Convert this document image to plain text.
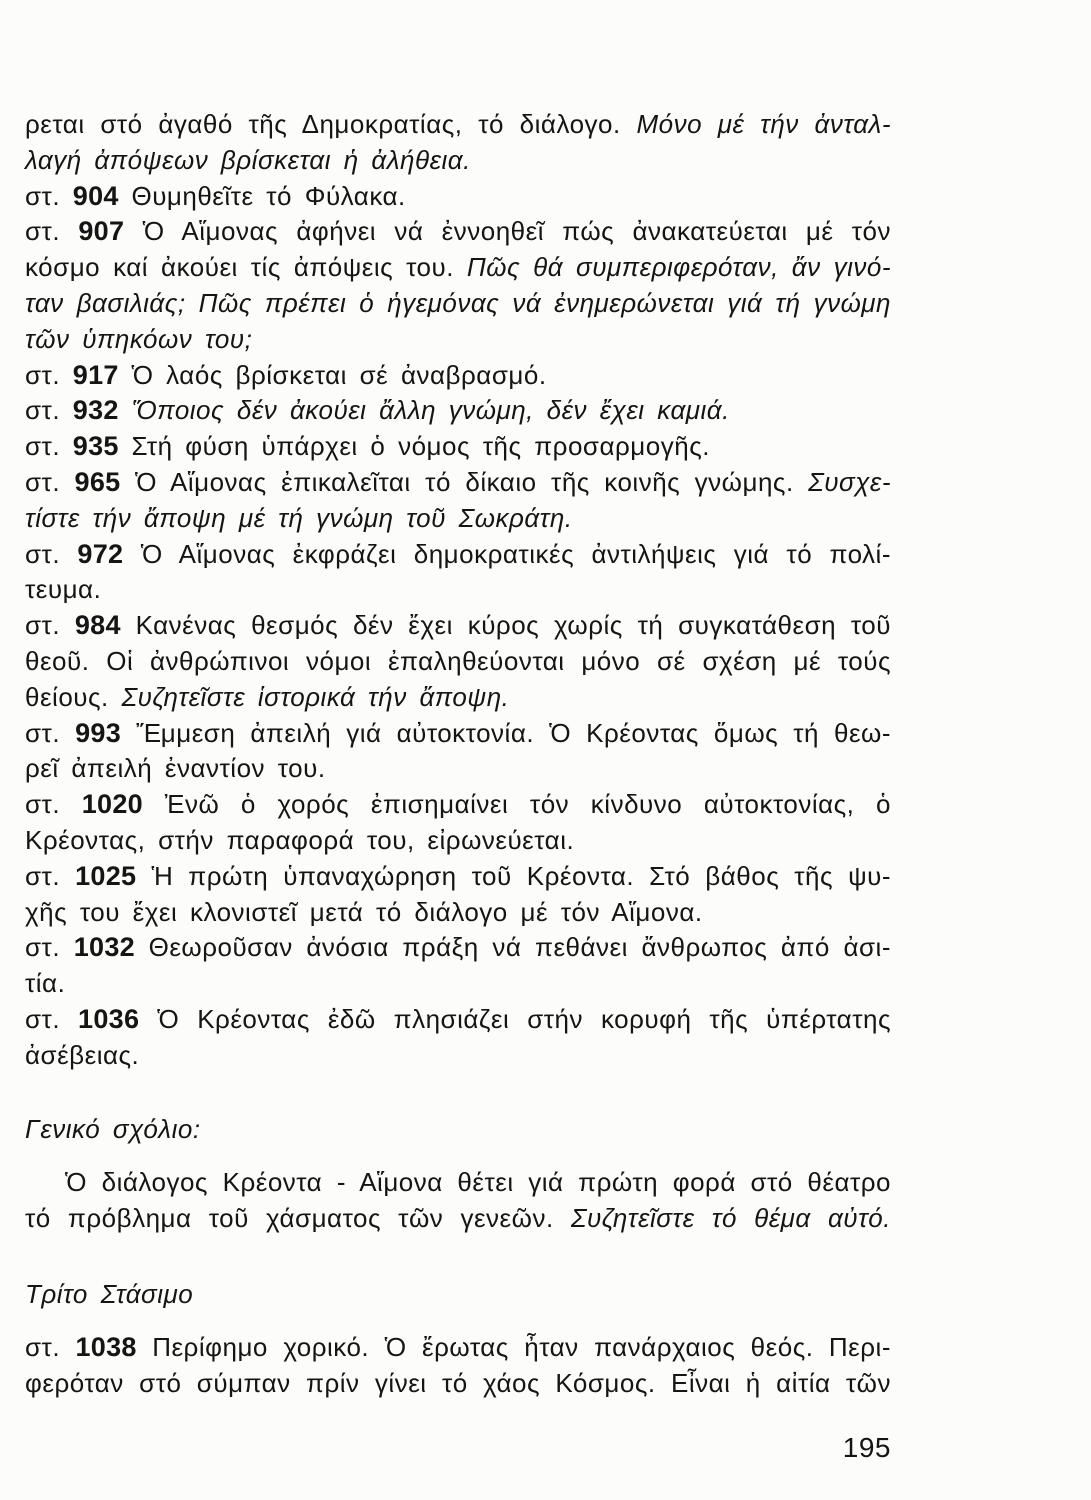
ρεται στό ἀγαθό τῆς Δημοκρατίας, τό διάλογο. Μόνο μέ τήν ἀνταλ-
λαγή ἀπόψεων βρίσκεται ἡ ἀλήθεια.
στ. 904 Θυμηθεῖτε τό Φύλακα.
στ. 907 Ὁ Αἵμονας ἀφήνει νά ἐννοηθεῖ πώς ἀνακατεύεται μέ τόν
κόσμο καί ἀκούει τίς ἀπόψεις του. Πῶς θά συμπεριφερόταν, ἄν γινό-
ταν βασιλιάς; Πῶς πρέπει ὁ ἡγεμόνας νά ἐνημερώνεται γιά τή γνώμη
τῶν ὑπηκόων του;
στ. 917 Ὁ λαός βρίσκεται σέ ἀναβρασμό.
στ. 932 Ὅποιος δέν ἀκούει ἄλλη γνώμη, δέν ἔχει καμιά.
στ. 935 Στή φύση ὑπάρχει ὁ νόμος τῆς προσαρμογῆς.
στ. 965 Ὁ Αἵμονας ἐπικαλεῖται τό δίκαιο τῆς κοινῆς γνώμης. Συσχε-
τίστε τήν ἄποψη μέ τή γνώμη τοῦ Σωκράτη.
στ. 972 Ὁ Αἵμονας ἐκφράζει δημοκρατικές ἀντιλήψεις γιά τό πολί-
τευμα.
στ. 984 Κανένας θεσμός δέν ἔχει κύρος χωρίς τή συγκατάθεση τοῦ
θεοῦ. Οἱ ἀνθρώπινοι νόμοι ἐπαληθεύονται μόνο σέ σχέση μέ τούς
θείους. Συζητεῖστε ἱστορικά τήν ἄποψη.
στ. 993 Ἔμμεση ἀπειλή γιά αὐτοκτονία. Ὁ Κρέοντας ὅμως τή θεω-
ρεῖ ἀπειλή ἐναντίον του.
στ. 1020 Ἐνῶ ὁ χορός ἐπισημαίνει τόν κίνδυνο αὐτοκτονίας, ὁ
Κρέοντας, στήν παραφορά του, εἰρωνεύεται.
στ. 1025 Ἡ πρώτη ὑπαναχώρηση τοῦ Κρέοντα. Στό βάθος τῆς ψυ-
χῆς του ἔχει κλονιστεῖ μετά τό διάλογο μέ τόν Αἵμονα.
στ. 1032 Θεωροῦσαν ἀνόσια πράξη νά πεθάνει ἄνθρωπος ἀπό ἀσι-
τία.
στ. 1036 Ὁ Κρέοντας ἐδῶ πλησιάζει στήν κορυφή τῆς ὑπέρτατης
ἀσέβειας.
Γενικό σχόλιο:
Ὁ διάλογος Κρέοντα - Αἵμονα θέτει γιά πρώτη φορά στό θέατρο
τό πρόβλημα τοῦ χάσματος τῶν γενεῶν. Συζητεῖστε τό θέμα αὐτό.
Τρίτο Στάσιμο
στ. 1038 Περίφημο χορικό. Ὁ ἔρωτας ἦταν πανάρχαιος θεός. Περι-
φερόταν στό σύμπαν πρίν γίνει τό χάος Κόσμος. Εἶναι ἡ αἰτία τῶν
195
